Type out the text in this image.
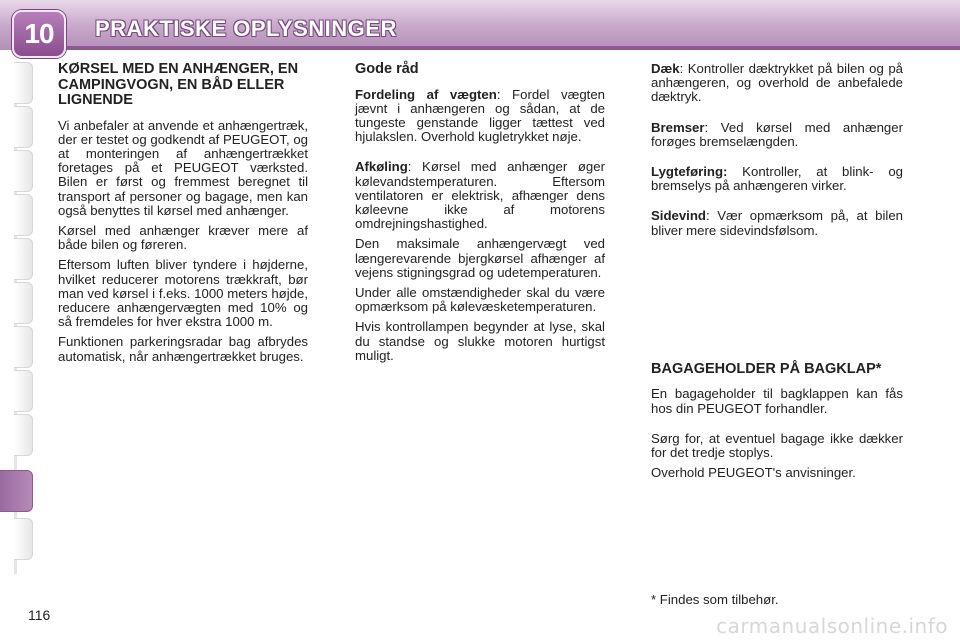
10	PRAKTISKE OPLYSNINGER
KØRSEL MED EN ANHÆNGER, EN CAMPINGVOGN, EN BÅD ELLER LIGNENDE

Vi anbefaler at anvende et anhængertræk, der er testet og godkendt af PEUGEOT, og at monteringen af anhængertrækket foretages på et PEUGEOT værksted. Bilen er først og fremmest beregnet til transport af personer og bagage, men kan også benyttes til kørsel med anhænger.

Kørsel med anhænger kræver mere af både bilen og føreren.

Eftersom luften bliver tyndere i højderne, hvilket reducerer motorens trækkraft, bør man ved kørsel i f.eks. 1000 meters højde, reducere anhængervægten med 10% og så fremdeles for hver ekstra 1000 m.

Funktionen parkeringsradar bag afbrydes automatisk, når anhængertrækket bruges.

Gode råd

Fordeling af vægten: Fordel vægten jævnt i anhængeren og sådan, at de tungeste genstande ligger tættest ved hjulakslen. Overhold kugletrykket nøje.

Afkøling: Kørsel med anhænger øger kølevandstemperaturen. Eftersom ventilatoren er elektrisk, afhænger dens køleevne ikke af motorens omdrejningshastighed.

Den maksimale anhængervægt ved længerevarende bjergkørsel afhænger af vejens stigningsgrad og udetemperaturen.

Under alle omstændigheder skal du være opmærksom på kølevæsketemperaturen.

Hvis kontrollampen begynder at lyse, skal du standse og slukke motoren hurtigst muligt.

Dæk: Kontroller dæktrykket på bilen og på anhængeren, og overhold de anbefalede dæktryk.

Bremser: Ved kørsel med anhænger forøges bremselængden.

Lygteføring: Kontroller, at blink- og bremselys på anhængeren virker.

Sidevind: Vær opmærksom på, at bilen bliver mere sidevindsfølsom.

BAGAGEHOLDER PÅ BAGKLAP*

En bagageholder til bagklappen kan fås hos din PEUGEOT forhandler.

Sørg for, at eventuel bagage ikke dækker for det tredje stoplys.

Overhold PEUGEOT's anvisninger.

* Findes som tilbehør.
116	carmanualsonline.info
